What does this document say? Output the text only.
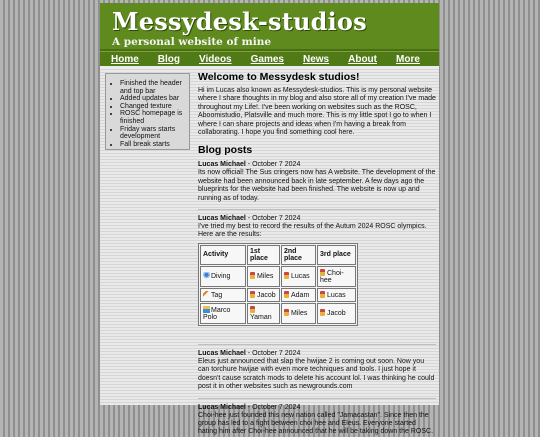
Messydesk-studios
A personal website of mine
Home Blog Videos Games News About More
• Finished the header and top bar
• Added updates bar
• Changed texture
• ROSC homepage is finished
• Friday wars starts development
• Fall break starts
Welcome to Messydesk studios!
Hi im Lucas also known as Messydesk-studios. This is my personal website where I share thoughts in my blog and also store all of my creation I've made throughout my Life!. I've been working on websites such as the ROSC, Aboomistudio, Platsville and much more. This is my little spot I go to when I where I can share projects and ideas when I'm having a break from collaborating. I hope you find something cool here.
Blog posts
Lucas Michael - October 7 2024
Its now official! The Sus cringers now has A website. The development of the website had been announced back in late september. A few days ago the blueprints for the website had been finished. The website is now up and running as of today.
Lucas Michael - October 7 2024
I've tried my best to record the results of the Autum 2024 ROSC olympics. Here are the results:
Activity	1st place	2nd place	3rd place
Diving	Miles	Lucas	Choi-hee
Tag	Jacob	Adam	Lucas
Marco Polo	Yaman	Miles	Jacob
Lucas Michael - October 7 2024
Eleus just announced that slap the hwijae 2 is coming out soon. Now you can torchure hwijae with even more techniques and tools. I just hope it doesn't cause scratch mods to delete his account lol. I was thinking he could post it in other websites such as newgrounds.com
Lucas Michael - October 7 2024
Choi-hee just founded this new nation called "Jamacastan". Since then the group has led to a fight between choi hee and Eleus. Everyone started hating him after Choi-hee announced that he will be taking down the ROSC.
